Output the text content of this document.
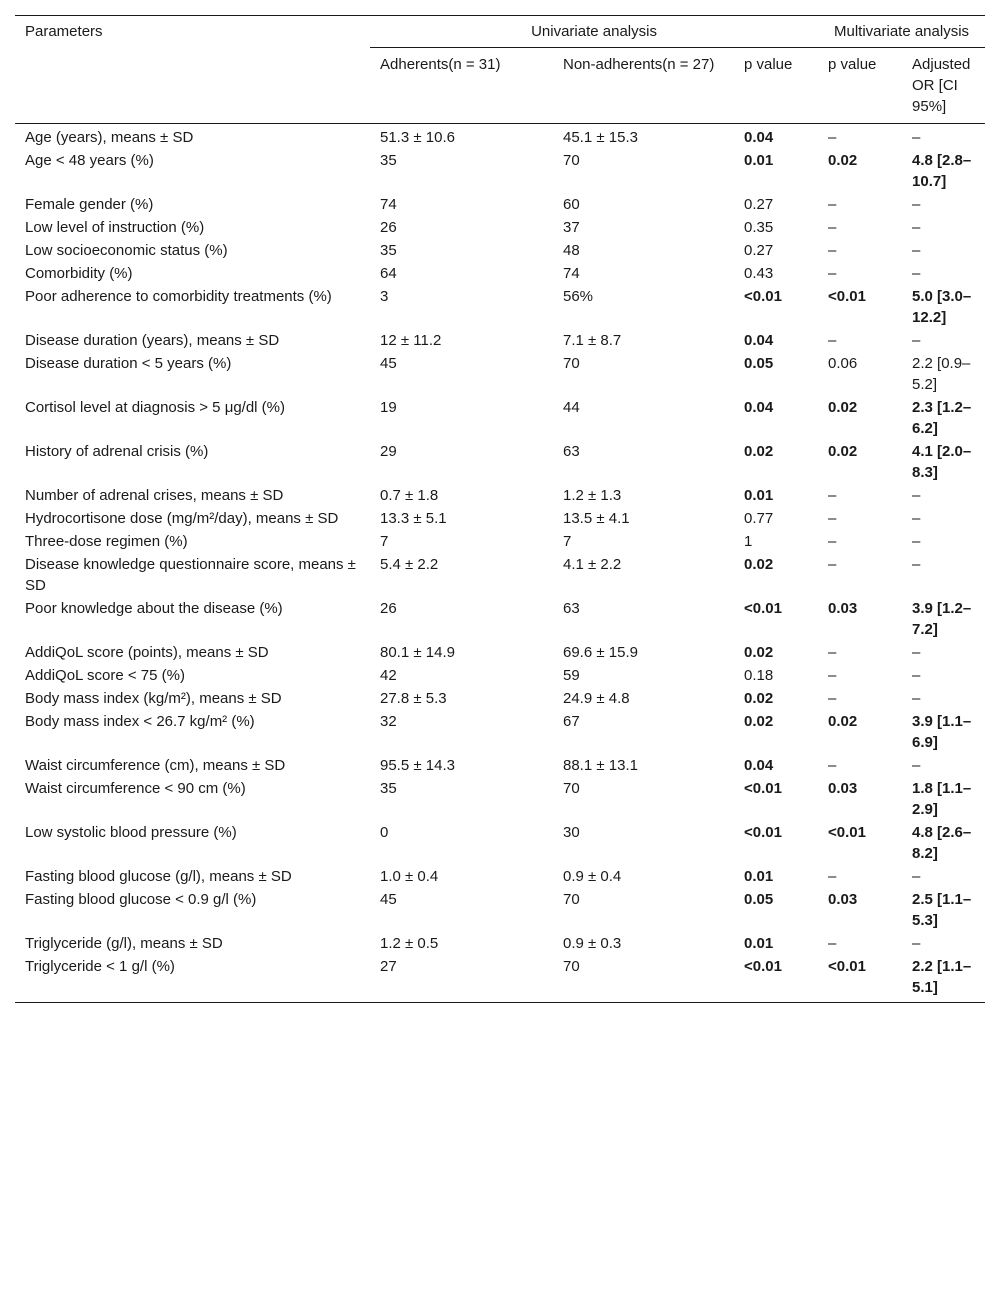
Parameters	Univariate analysis			Multivariate analysis	
	Adherents(n = 31)	Non-adherents(n = 27)	p value	p value	Adjusted OR [CI 95%]
Age (years), means ± SD	51.3 ± 10.6	45.1 ± 15.3	0.04	–	–
Age < 48 years (%)	35	70	0.01	0.02	4.8 [2.8–10.7]
Female gender (%)	74	60	0.27	–	–
Low level of instruction (%)	26	37	0.35	–	–
Low socioeconomic status (%)	35	48	0.27	–	–
Comorbidity (%)	64	74	0.43	–	–
Poor adherence to comorbidity treatments (%)	3	56%	<0.01	<0.01	5.0 [3.0–12.2]
Disease duration (years), means ± SD	12 ± 11.2	7.1 ± 8.7	0.04	–	–
Disease duration < 5 years (%)	45	70	0.05	0.06	2.2 [0.9–5.2]
Cortisol level at diagnosis > 5 μg/dl (%)	19	44	0.04	0.02	2.3 [1.2–6.2]
History of adrenal crisis (%)	29	63	0.02	0.02	4.1 [2.0–8.3]
Number of adrenal crises, means ± SD	0.7 ± 1.8	1.2 ± 1.3	0.01	–	–
Hydrocortisone dose (mg/m²/day), means ± SD	13.3 ± 5.1	13.5 ± 4.1	0.77	–	–
Three-dose regimen (%)	7	7	1	–	–
Disease knowledge questionnaire score, means ± SD	5.4 ± 2.2	4.1 ± 2.2	0.02	–	–
Poor knowledge about the disease (%)	26	63	<0.01	0.03	3.9 [1.2–7.2]
AddiQoL score (points), means ± SD	80.1 ± 14.9	69.6 ± 15.9	0.02	–	–
AddiQoL score < 75 (%)	42	59	0.18	–	–
Body mass index (kg/m²), means ± SD	27.8 ± 5.3	24.9 ± 4.8	0.02	–	–
Body mass index < 26.7 kg/m² (%)	32	67	0.02	0.02	3.9 [1.1–6.9]
Waist circumference (cm), means ± SD	95.5 ± 14.3	88.1 ± 13.1	0.04	–	–
Waist circumference < 90 cm (%)	35	70	<0.01	0.03	1.8 [1.1–2.9]
Low systolic blood pressure (%)	0	30	<0.01	<0.01	4.8 [2.6–8.2]
Fasting blood glucose (g/l), means ± SD	1.0 ± 0.4	0.9 ± 0.4	0.01	–	–
Fasting blood glucose < 0.9 g/l (%)	45	70	0.05	0.03	2.5 [1.1–5.3]
Triglyceride (g/l), means ± SD	1.2 ± 0.5	0.9 ± 0.3	0.01	–	–
Triglyceride < 1 g/l (%)	27	70	<0.01	<0.01	2.2 [1.1–5.1]
